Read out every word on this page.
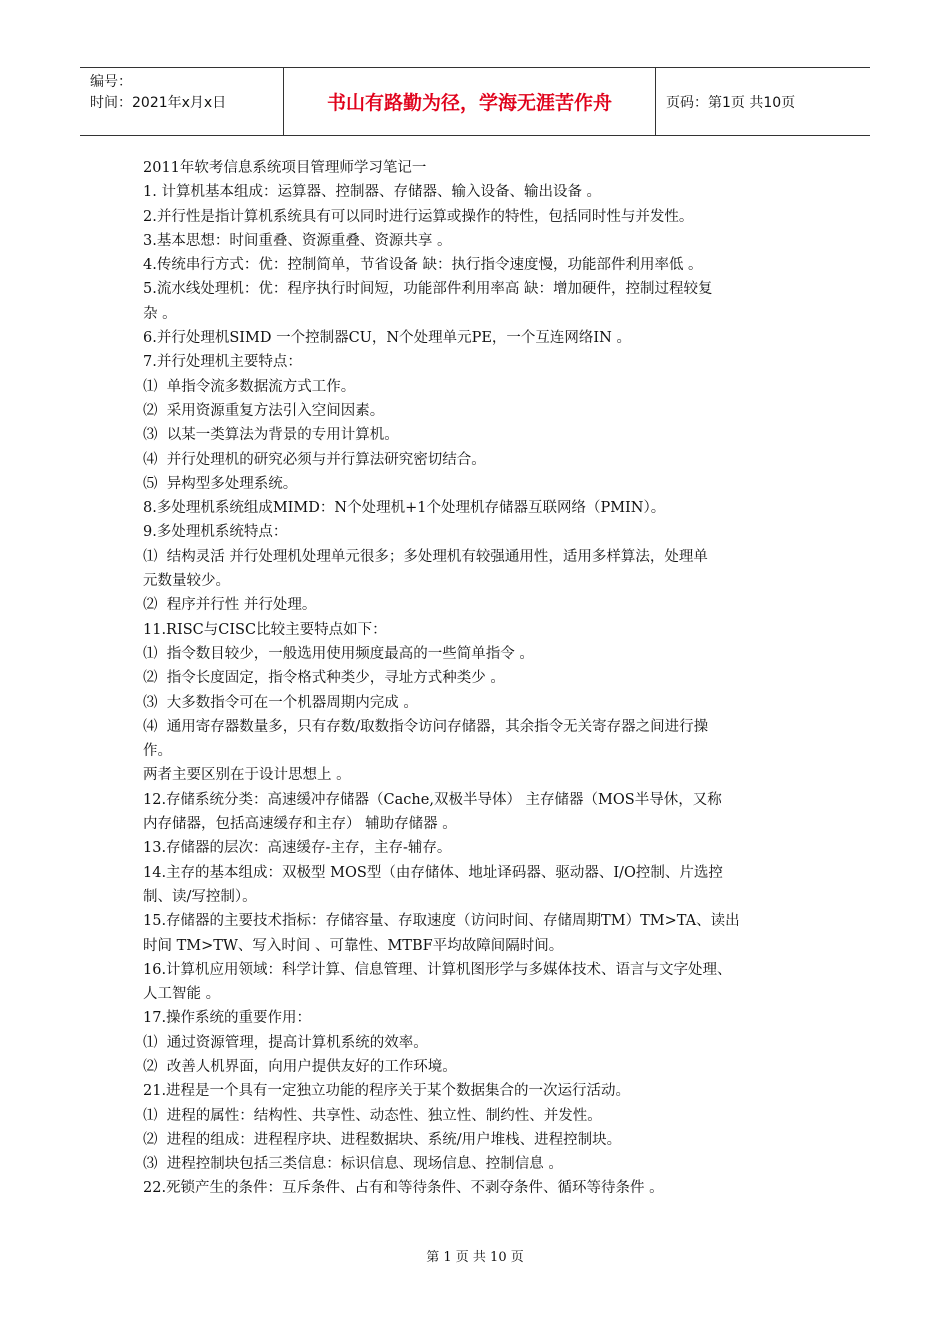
编号：
时间：2021年x月x日	书山有路勤为径，学海无涯苦作舟	页码：第1页 共10页
2011年软考信息系统项目管理师学习笔记一
1. 计算机基本组成：运算器、控制器、存储器、输入设备、输出设备 。
2.并行性是指计算机系统具有可以同时进行运算或操作的特性，包括同时性与并发性。
3.基本思想：时间重叠、资源重叠、资源共享 。
4.传统串行方式：优：控制简单，节省设备 缺：执行指令速度慢，功能部件利用率低 。
5.流水线处理机：优：程序执行时间短，功能部件利用率高 缺：增加硬件，控制过程较复
杂 。
6.并行处理机SIMD 一个控制器CU，N个处理单元PE，一个互连网络IN 。
7.并行处理机主要特点：
⑴  单指令流多数据流方式工作。
⑵  采用资源重复方法引入空间因素。
⑶  以某一类算法为背景的专用计算机。
⑷  并行处理机的研究必须与并行算法研究密切结合。
⑸  异构型多处理系统。
8.多处理机系统组成MIMD：N个处理机+1个处理机存储器互联网络（PMIN）。
9.多处理机系统特点：
⑴  结构灵活 并行处理机处理单元很多；多处理机有较强通用性，适用多样算法，处理单
元数量较少。
⑵  程序并行性 并行处理。
11.RISC与CISC比较主要特点如下：
⑴  指令数目较少，一般选用使用频度最高的一些简单指令 。
⑵  指令长度固定，指令格式种类少，寻址方式种类少 。
⑶  大多数指令可在一个机器周期内完成 。
⑷  通用寄存器数量多，只有存数/取数指令访问存储器，其余指令无关寄存器之间进行操
作。
两者主要区别在于设计思想上 。
12.存储系统分类：高速缓冲存储器（Cache,双极半导体） 主存储器（MOS半导休，又称
内存储器，包括高速缓存和主存） 辅助存储器 。
13.存储器的层次：高速缓存-主存，主存-辅存。
14.主存的基本组成：双极型 MOS型（由存储体、地址译码器、驱动器、I/O控制、片选控
制、读/写控制）。
15.存储器的主要技术指标：存储容量、存取速度（访问时间、存储周期TM）TM>TA、读出
时间 TM>TW、写入时间 、可靠性、MTBF平均故障间隔时间。
16.计算机应用领域：科学计算、信息管理、计算机图形学与多媒体技术、语言与文字处理、
人工智能 。
17.操作系统的重要作用：
⑴  通过资源管理，提高计算机系统的效率。
⑵  改善人机界面，向用户提供友好的工作环境。
21.进程是一个具有一定独立功能的程序关于某个数据集合的一次运行活动。
⑴  进程的属性：结构性、共享性、动态性、独立性、制约性、并发性。
⑵  进程的组成：进程程序块、进程数据块、系统/用户堆栈、进程控制块。
⑶  进程控制块包括三类信息：标识信息、现场信息、控制信息 。
22.死锁产生的条件：互斥条件、占有和等待条件、不剥夺条件、循环等待条件 。
第 1 页 共 10 页
